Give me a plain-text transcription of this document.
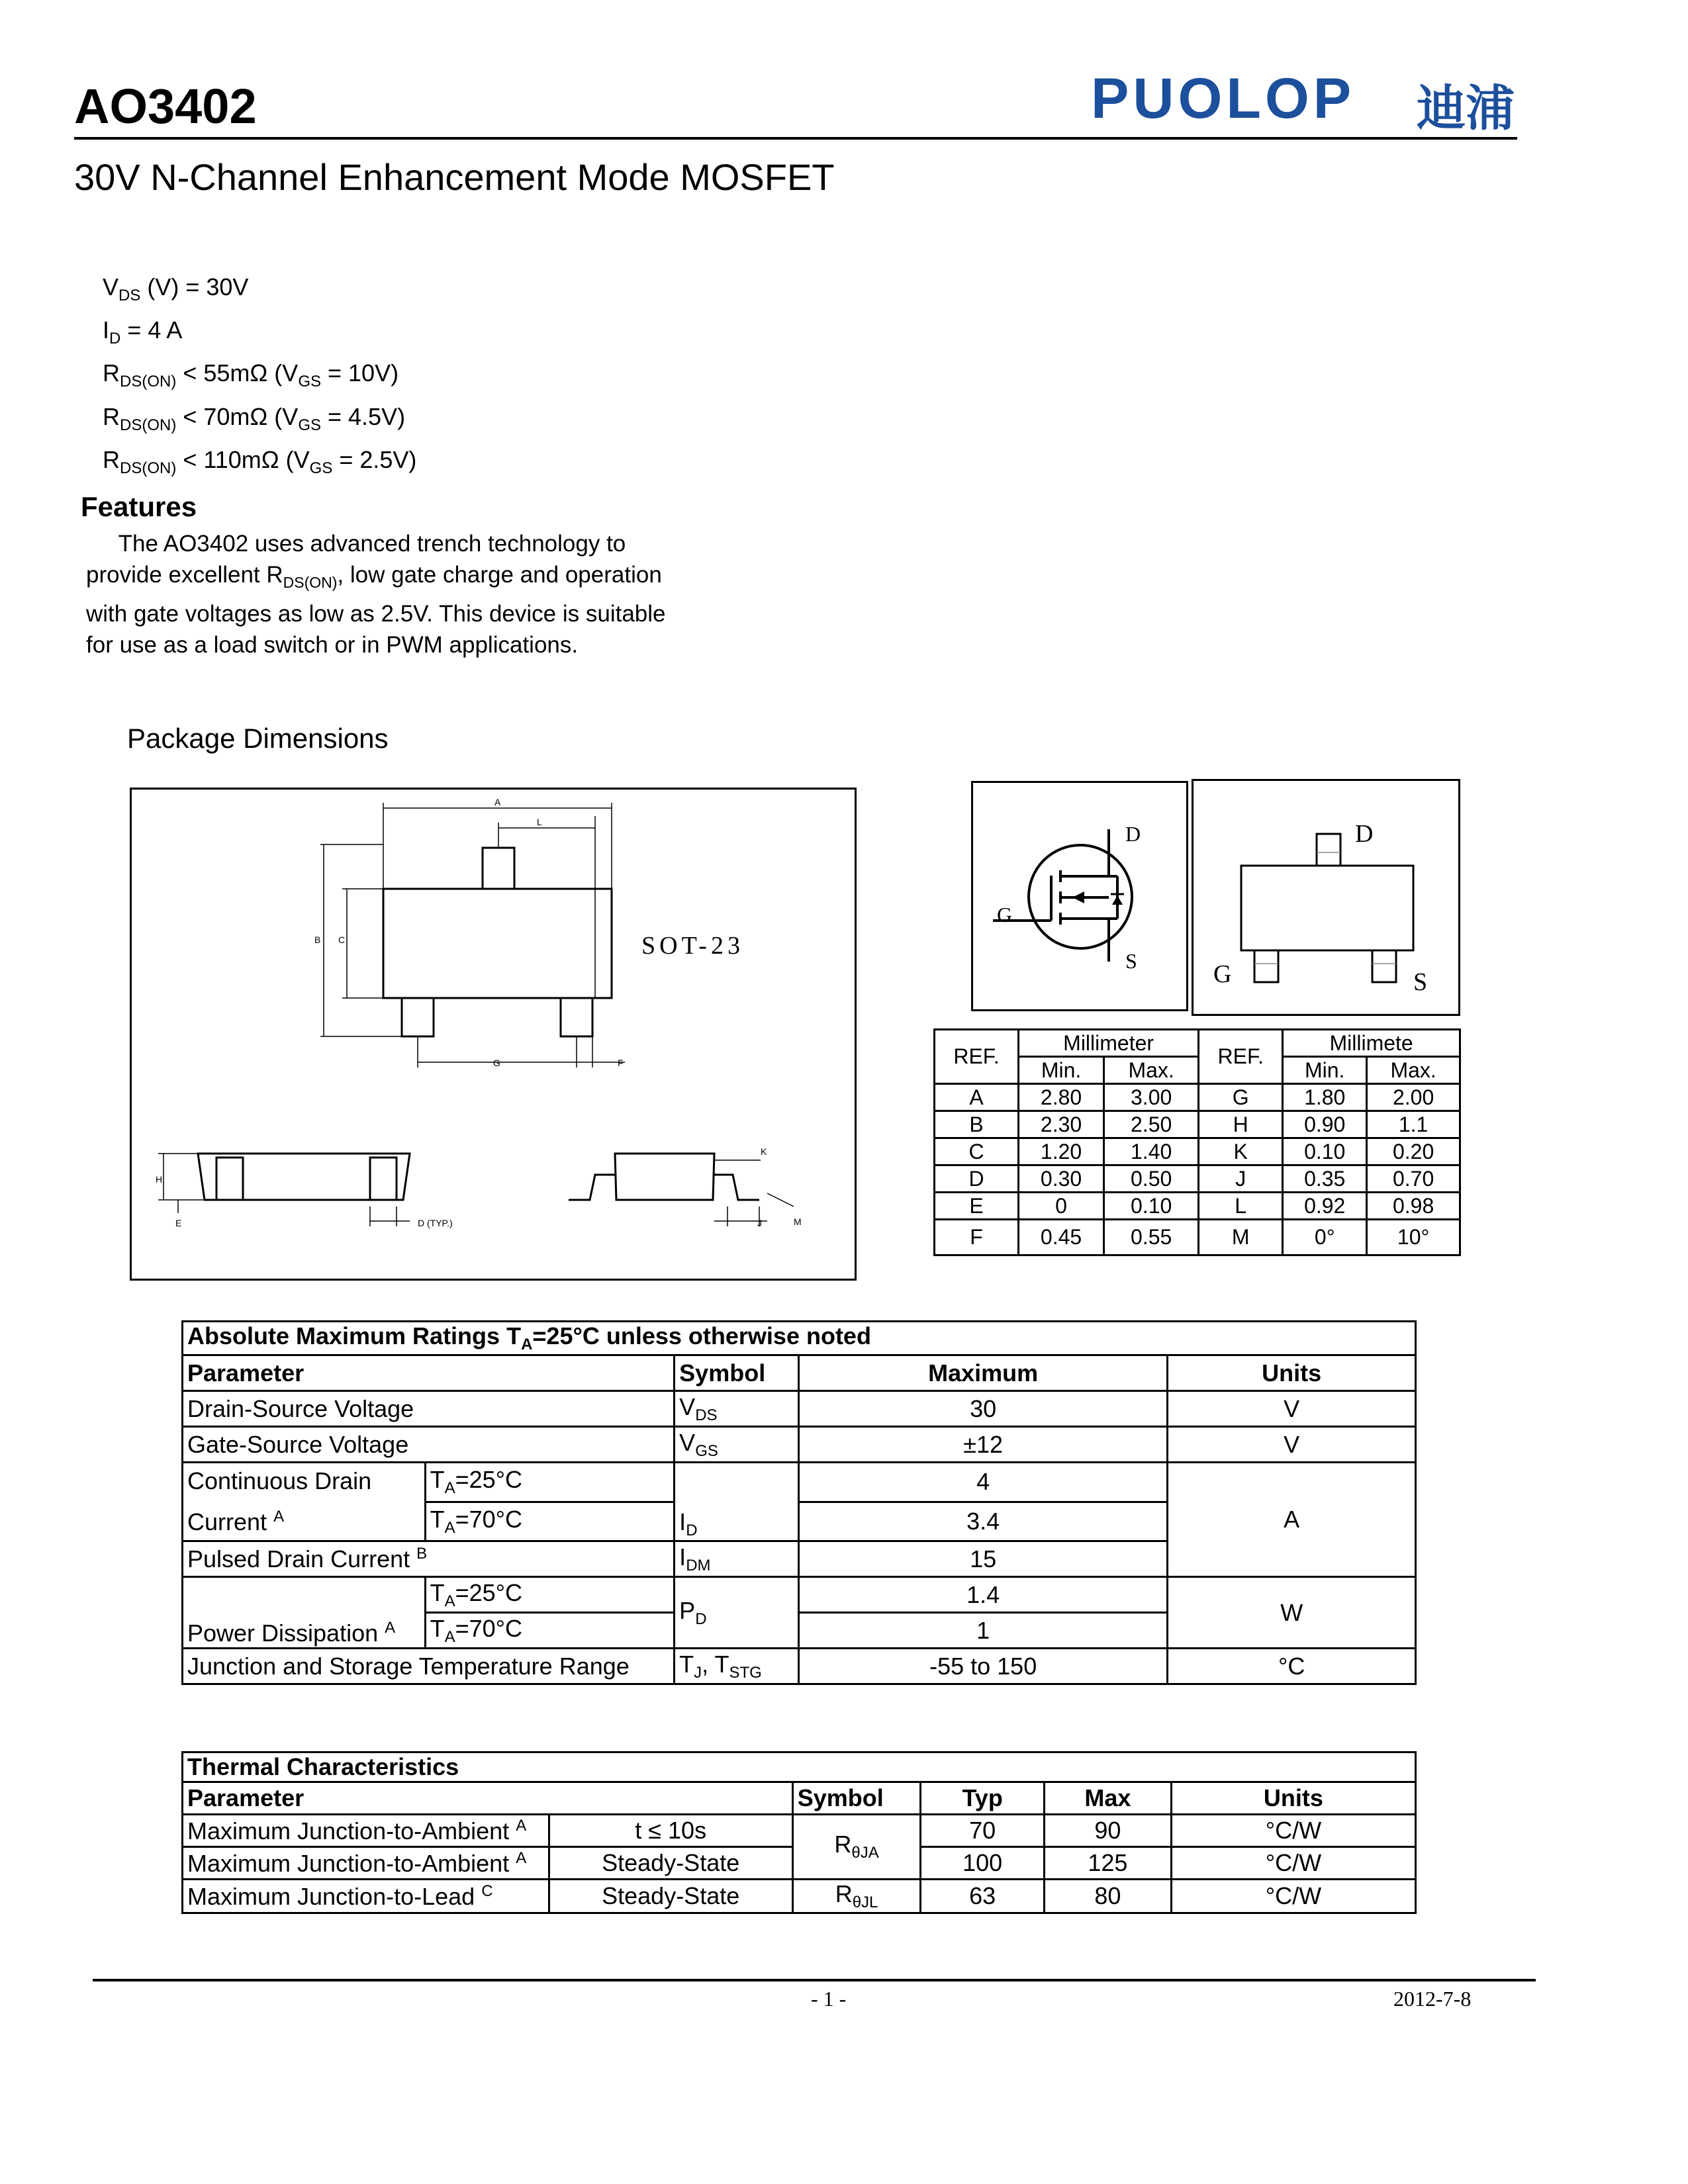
AO3402	PUOLOP 迪浦
30V N-Channel Enhancement Mode MOSFET
$V_{DS}$ (V) = 30V
$I_D = 4$ A
$R_{DS(ON)} < 55m\Omega$ $(V_{GS} = 10V)$
$R_{DS(ON)} < 70m\Omega$ $(V_{GS} = 4.5V)$
$R_{DS(ON)} < 110m\Omega$ $(V_{GS} = 2.5V)$
Features
The AO3402 uses advanced trench technology to provide excellent $R_{DS(ON)}$, low gate charge and operation with gate voltages as low as 2.5V. This device is suitable for use as a load switch or in PWM applications.
Package Dimensions
A
L
B C
G	F
SOT-23
H
E
K
J	M
D (TYP.)
D
G
S
D
G	S
REF.	Millimeter		REF.	Millimete	
	Min.	Max.		Min.	Max.
A	2.80	3.00	G	1.80	2.00
B	2.30	2.50	H	0.90	1.1
C	1.20	1.40	K	0.10	0.20
D	0.30	0.50	J	0.35	0.70
E	0	0.10	L	0.92	0.98
F	0.45	0.55	M	0°	10°
Absolute Maximum Ratings $T_A=25^\circ C$ unless otherwise noted				
Parameter		Symbol	Maximum	Units
Drain-Source Voltage		$V_{DS}$	30	V
Gate-Source Voltage		$V_{GS}$	±12	V
Continuous Drain
Current $^A$	$T_A=25^\circ C$	$I_D$	4	A
	$T_A=70^\circ C$		3.4	
Pulsed Drain Current $^B$		$I_{DM}$	15	
Power Dissipation $^A$	$T_A=25^\circ C$	$P_D$	1.4	W
	$T_A=70^\circ C$		1	
Junction and Storage Temperature Range		$T_J$, $T_{STG}$	-55 to 150	°C
Thermal Characteristics					
Parameter		Symbol	Typ	Max	Units
Maximum Junction-to-Ambient $^A$	t ≤ 10s	$R_{\theta JA}$	70	90	°C/W
Maximum Junction-to-Ambient $^A$	Steady-State		100	125	°C/W
Maximum Junction-to-Lead $^C$	Steady-State	$R_{\theta JL}$	63	80	°C/W
- 1 -	2012-7-8
